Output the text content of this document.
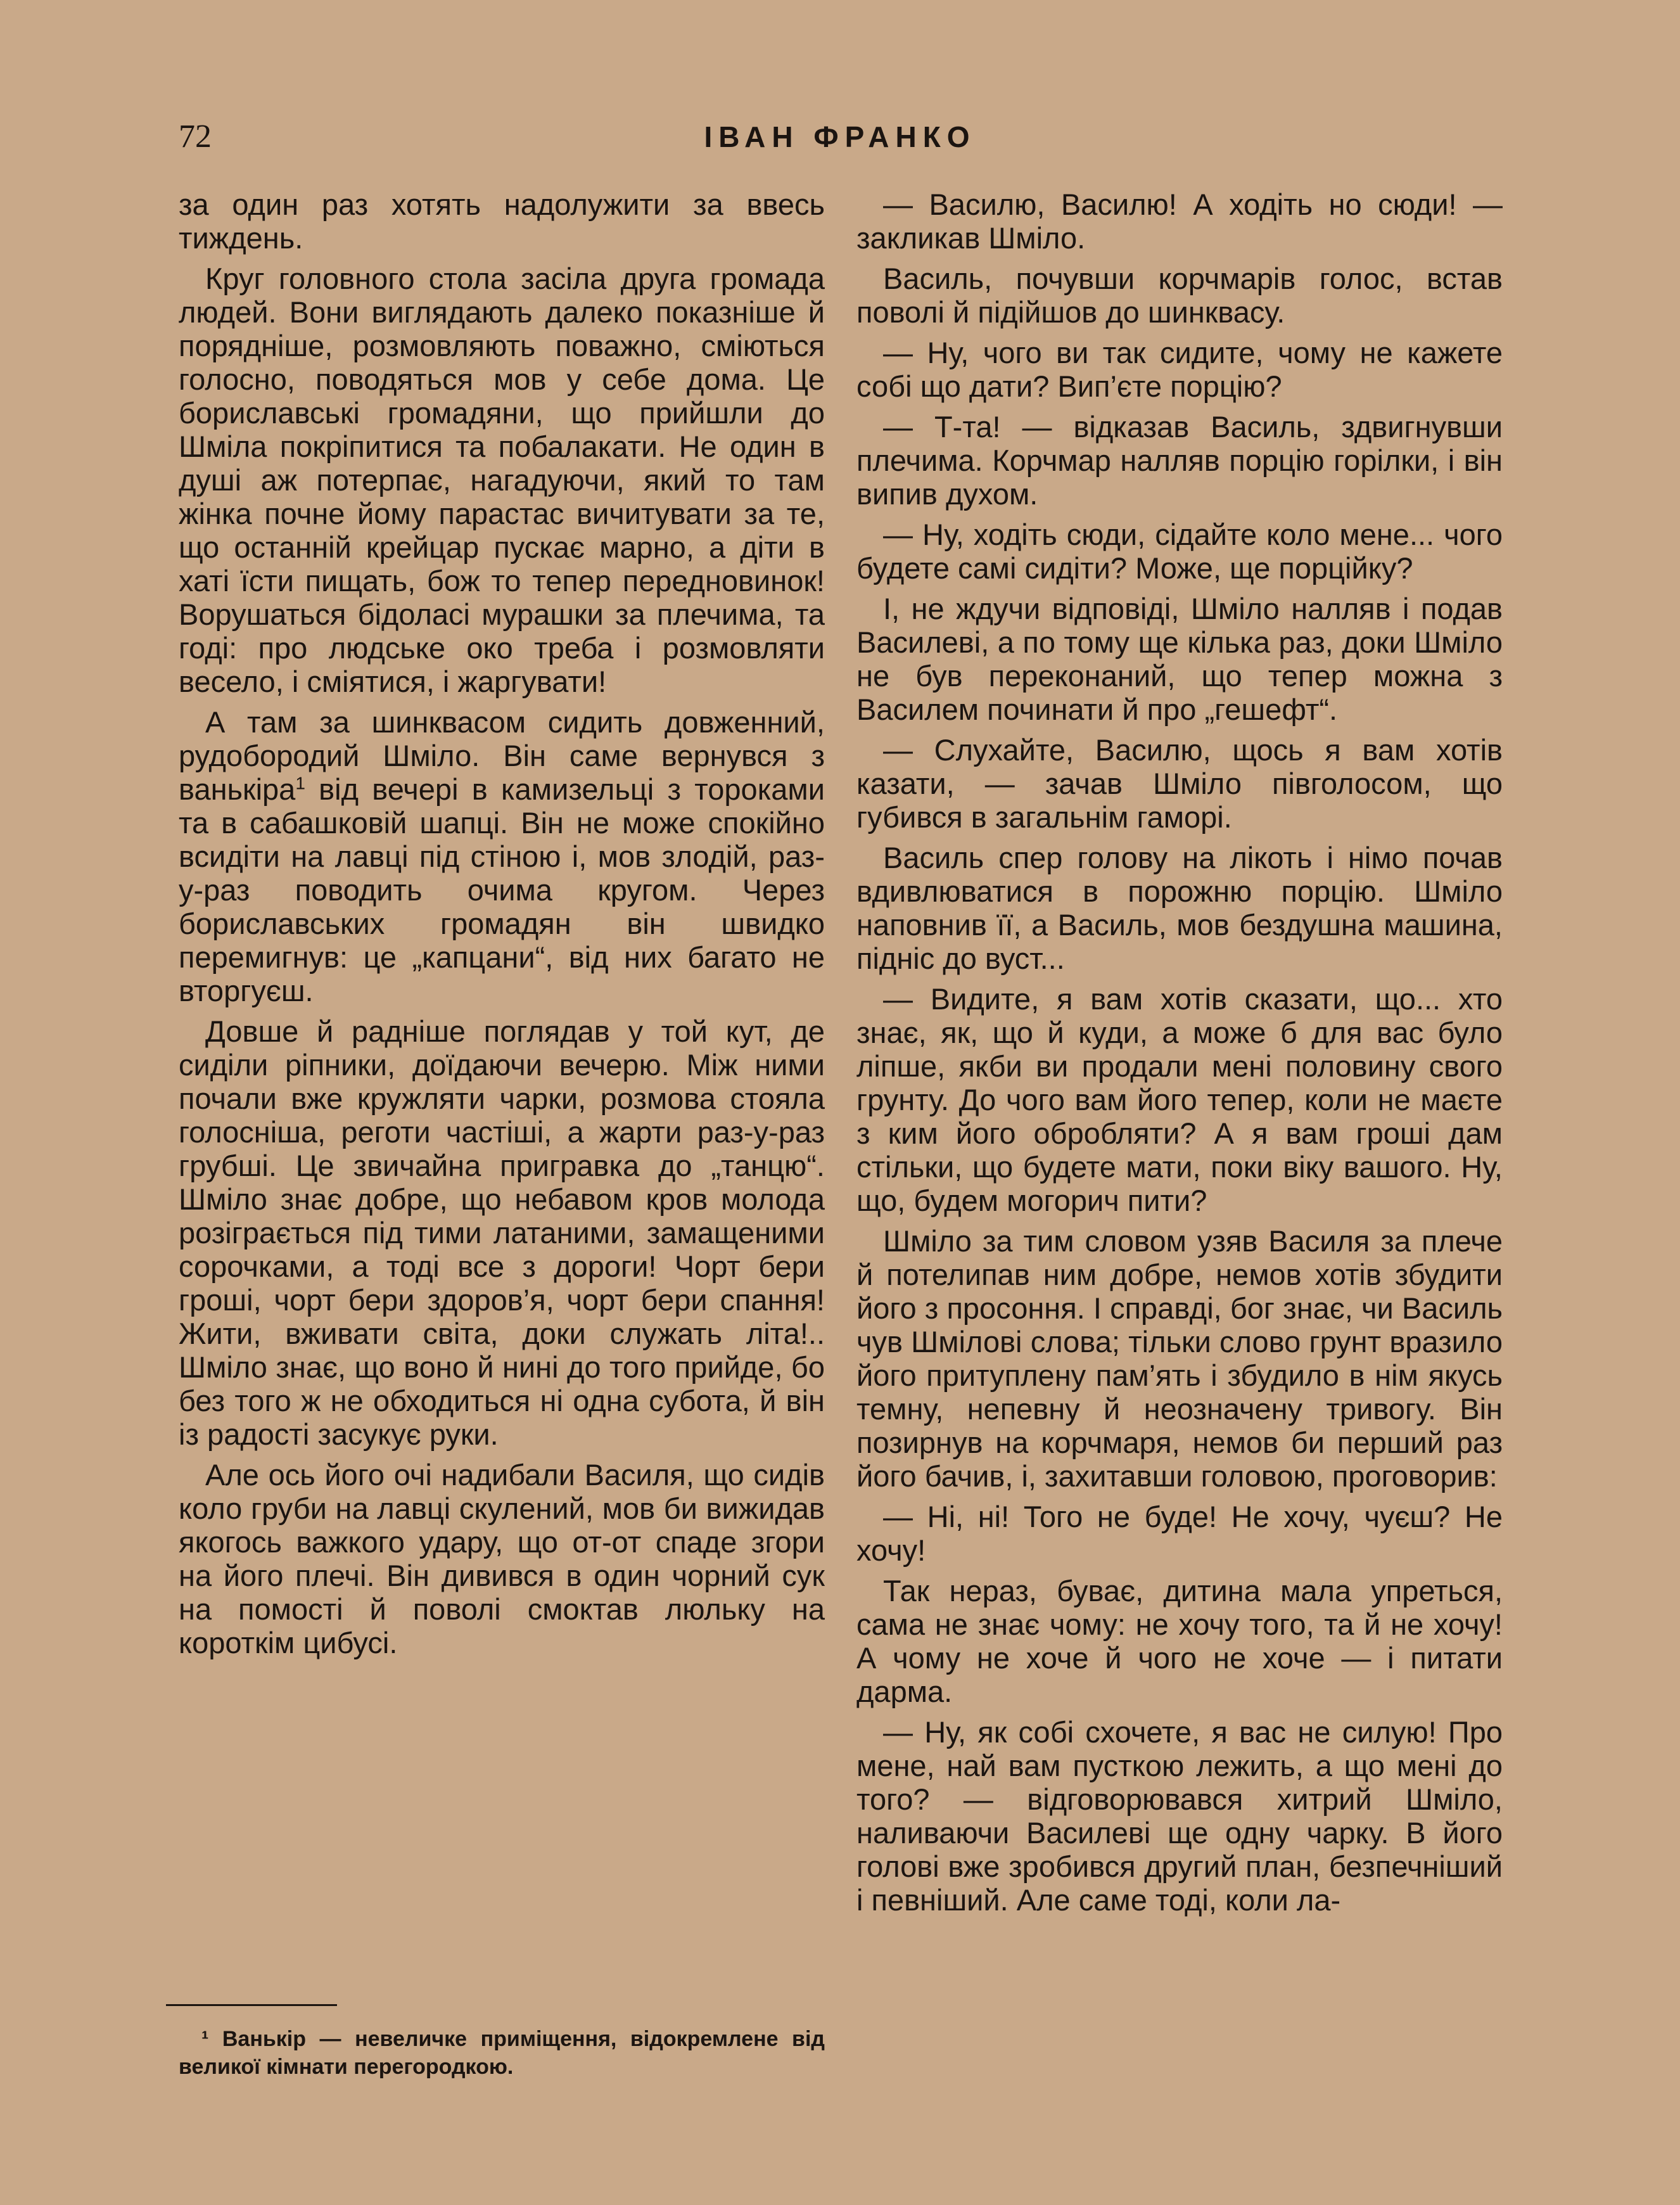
72	ІВАН ФРАНКО

за один раз хотять надолужити за ввесь тиждень.

Круг головного стола засіла друга громада людей. Вони виглядають далеко показніше й порядніше, розмовляють поважно, сміються голосно, поводяться мов у себе дома. Це бориславські громадяни, що прийшли до Шміла покріпитися та побалакати. Не один в душі аж потерпає, нагадуючи, який то там жінка почне йому парастас вичитувати за те, що останній крейцар пускає марно, а діти в хаті їсти пищать, бож то тепер передновинок! Ворушаться бідолаcі мурашки за плечима, та годі: про людське око треба і розмовляти весело, і сміятися, і жаргувати!

А там за шинквасом сидить довженний, рудобородий Шміло. Він саме вернувся з ванькіра$^1$ від вечері в камизельці з тороками та в сабашковій шапці. Він не може спокійно всидіти на лавці під стіною і, мов злодій, раз-у-раз поводить очима кругом. Через бориславських громадян він швидко перемигнув: це „капцани“, від них багато не вторгуєш.

Довше й радніше поглядав у той кут, де сиділи ріпники, доїдаючи вечерю. Між ними почали вже кружляти чарки, розмова стояла голосніша, реготи частіші, а жарти раз-у-раз грубші. Це звичайна пригравка до „танцю“. Шміло знає добре, що небавом кров молода розіграється під тими латаними, замащеними сорочками, а тоді все з дороги! Чорт бери гроші, чорт бери здоров’я, чорт бери спання! Жити, вживати світа, доки служать літа!.. Шміло знає, що воно й нині до того прийде, бо без того ж не обходиться ні одна субота, й він із радості засукує руки.

Але ось його очі надибали Василя, що сидів коло груби на лавці скулений, мов би вижидав якогось важкого удару, що от-от спаде згори на його плечі. Він дивився в один чорний сук на помості й поволі смоктав люльку на короткім цибусі.

— Василю, Василю! А ходіть но сюди! — закликав Шміло.

Василь, почувши корчмарів голос, встав поволі й підійшов до шинквасу.

— Ну, чого ви так сидите, чому не кажете собі що дати? Вип’єте порцію?

— Т-та! — відказав Василь, здвигнувши плечима. Корчмар налляв порцію горілки, і він випив духом.

— Ну, ходіть сюди, сідайте коло мене... чого будете самі сидіти? Може, ще порційку?

І, не ждучи відповіді, Шміло налляв і подав Василеві, а по тому ще кілька раз, доки Шміло не був переконаний, що тепер можна з Василем починати й про „гешефт“.

— Слухайте, Василю, щось я вам хотів казати, — зачав Шміло півголосом, що губився в загальнім гаморі.

Василь спер голову на лікоть і німо почав вдивлюватися в порожню порцію. Шміло наповнив її, а Василь, мов бездушна машина, підніс до вуст...

— Видите, я вам хотів сказати, що... хто знає, як, що й куди, а може б для вас було ліпше, якби ви продали мені половину свого грунту. До чого вам його тепер, коли не маєте з ким його обробляти? А я вам гроші дам стільки, що будете мати, поки віку вашого. Ну, що, будем могорич пити?

Шміло за тим словом узяв Василя за плече й потелипав ним добре, немов хотів збудити його з просоння. І справді, бог знає, чи Василь чув Шмілові слова; тільки слово грунт вразило його притуплену пам’ять і збудило в нім якусь темну, непевну й неозначену тривогу. Він позирнув на корчмаря, немов би перший раз його бачив, і, захитавши головою, проговорив:

— Ні, ні! Того не буде! Не хочу, чуєш? Не хочу!

Так нераз, буває, дитина мала упреться, сама не знає чому: не хочу того, та й не хочу! А чому не хоче й чого не хоче — і питати дарма.

— Ну, як собі схочете, я вас не силую! Про мене, най вам пусткою лежить, а що мені до того? — відговорювався хитрий Шміло, наливаючи Василеві ще одну чарку. В його голові вже зробився другий план, безпечніший і певніший. Але саме тоді, коли ла-

¹ Ванькір — невеличке приміщення, відокремлене від великої кімнати перегородкою.
